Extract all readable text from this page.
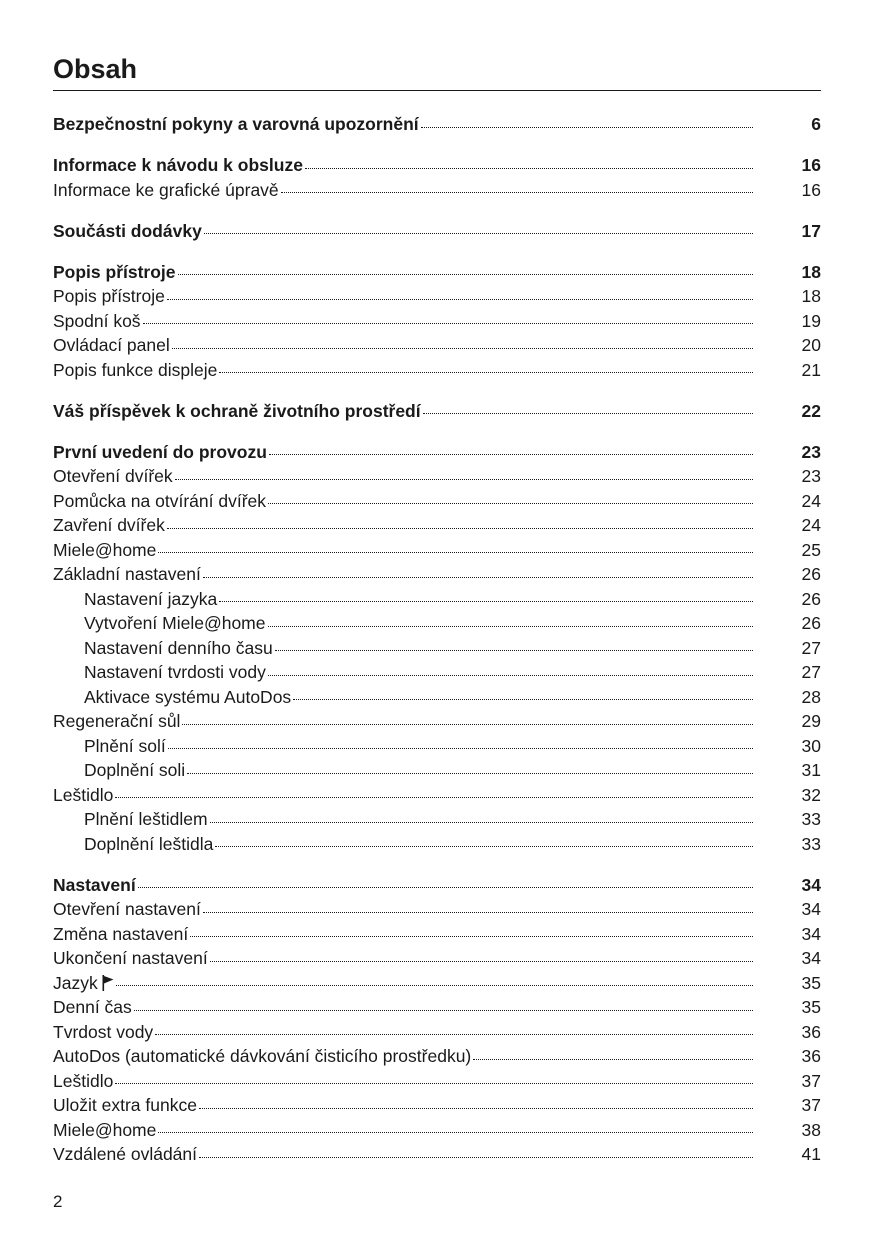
Obsah
Bezpečnostní pokyny a varovná upozornění	6
Informace k návodu k obsluze	16
Informace ke grafické úpravě	16
Součásti dodávky	17
Popis přístroje	18
Popis přístroje	18
Spodní koš	19
Ovládací panel	20
Popis funkce displeje	21
Váš příspěvek k ochraně životního prostředí	22
První uvedení do provozu	23
Otevření dvířek	23
Pomůcka na otvírání dvířek	24
Zavření dvířek	24
Miele@home	25
Základní nastavení	26
Nastavení jazyka	26
Vytvoření Miele@home	26
Nastavení denního času	27
Nastavení tvrdosti vody	27
Aktivace systému AutoDos	28
Regenerační sůl	29
Plnění solí	30
Doplnění soli	31
Leštidlo	32
Plnění leštidlem	33
Doplnění leštidla	33
Nastavení	34
Otevření nastavení	34
Změna nastavení	34
Ukončení nastavení	34
Jazyk	35
Denní čas	35
Tvrdost vody	36
AutoDos (automatické dávkování čisticího prostředku)	36
Leštidlo	37
Uložit extra funkce	37
Miele@home	38
Vzdálené ovládání	41
2
